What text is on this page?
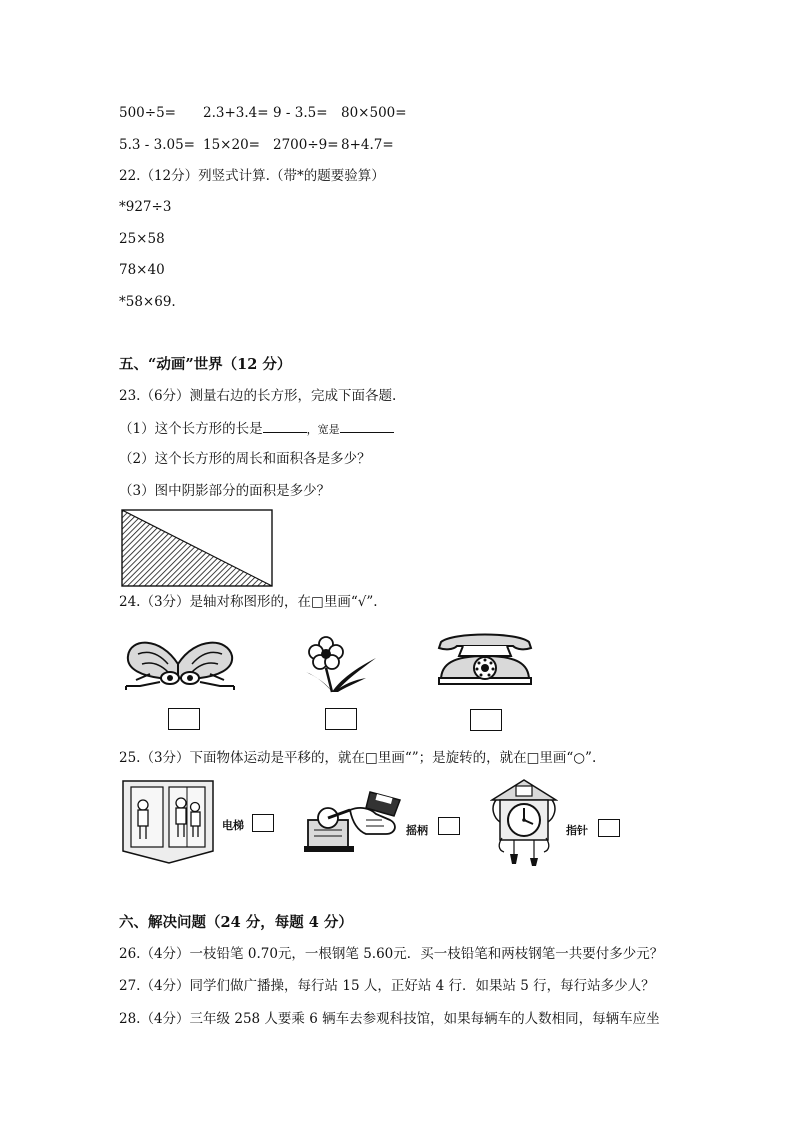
500÷5= 2.3+3.4= 9 - 3.5= 80×500=
5.3 - 3.05= 15×20= 2700÷9= 8+4.7=
22.（12分）列竖式计算.（带*的题要验算）
*927÷3
25×58
78×40
*58×69.
五、“动画”世界（12 分）
23.（6分）测量右边的长方形，完成下面各题.
（1）这个长方形的长是	，宽是
（2）这个长方形的周长和面积各是多少？
（3）图中阴影部分的面积是多少？
24.（3分）是轴对称图形的，在□里画“√”.
25.（3分）下面物体运动是平移的，就在□里画“”；是旋转的，就在□里画“○”.
电梯	摇柄	指针
六、解决问题（24 分，每题 4 分）
26.（4分）一枝铅笔 0.70元，一根钢笔 5.60元．买一枝铅笔和两枝钢笔一共要付多少元？
27.（4分）同学们做广播操，每行站 15 人，正好站 4 行．如果站 5 行，每行站多少人？
28.（4分）三年级 258 人要乘 6 辆车去参观科技馆，如果每辆车的人数相同，每辆车应坐
